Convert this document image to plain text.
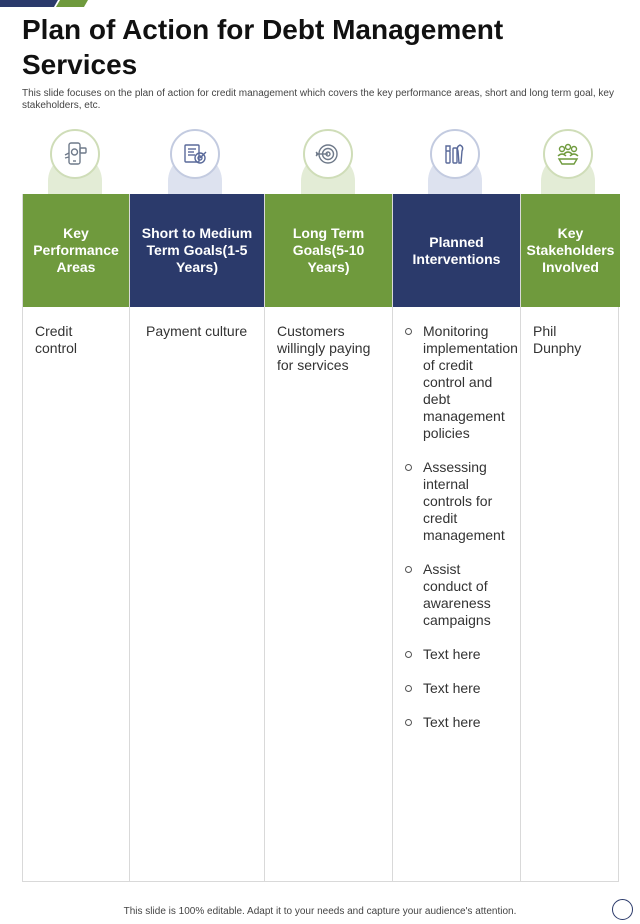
Plan of Action for Debt Management Services
This slide focuses on the plan of action for credit management which covers the key performance areas, short and long term goal, key stakeholders, etc.
Key Performance Areas
Credit control
Short to Medium Term Goals(1-5 Years)
Payment culture
Long Term Goals(5-10 Years)
Customers willingly paying for services
Planned Interventions
Monitoring implementation of credit control and debt management policies
Assessing internal controls for credit management
Assist conduct of awareness campaigns
Text here
Text here
Text here
Key Stakeholders Involved
Phil Dunphy
This slide is 100% editable. Adapt it to your needs and capture your audience's attention.
